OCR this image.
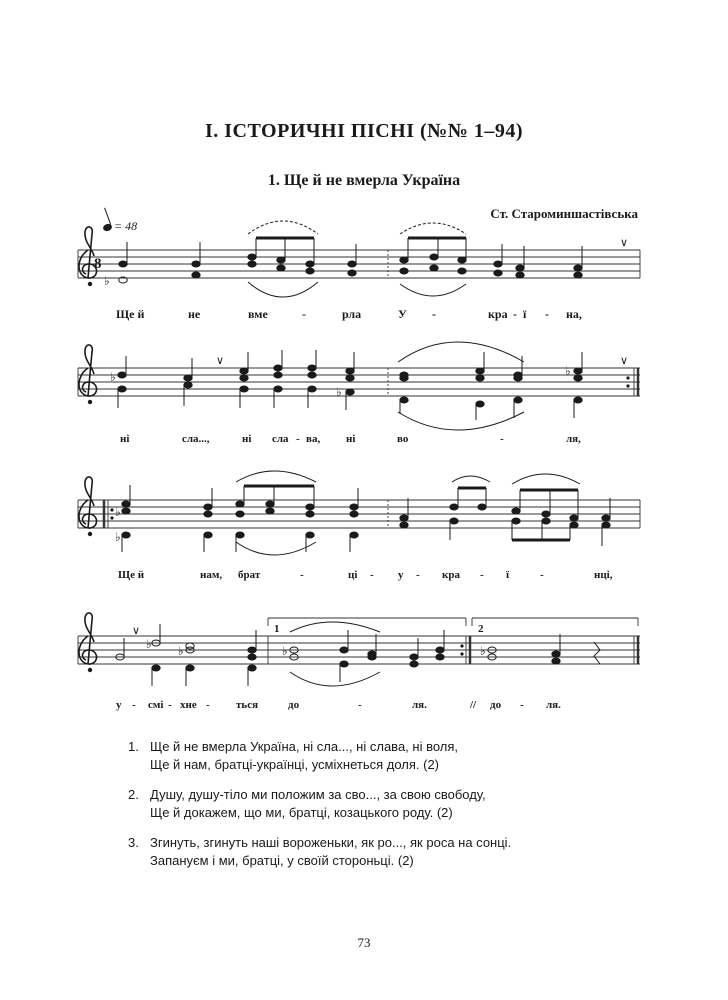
І. ІСТОРИЧНІ ПІСНІ (№№ 1–94)
1. Ще й не вмерла Україна
Ст. Староминшастівська
= 48
8
♭
∨
Ще й	не	вме	-	рла	У -	кра - ї - на,
♭
♭
♭
∨	∨
ні	сла...,	ні сла - ва, ні	во	-	ля,
♭
♭
Ще й	нам, брат	-	ці - у - кра - ї	-	нці,
1	2
♭ ♭	♭	♭
∨
у - смі - хне - ться	до	-	ля.	// до - ля.
1. Ще й не вмерла Україна, ні сла..., ні слава, ні воля,
Ще й нам, братці-українці, усміхнеться доля. (2)
2. Душу, душу-тіло ми положим за сво..., за свою свободу,
Ще й докажем, що ми, братці, козацького роду. (2)
3. Згинуть, згинуть наші вороженьки, як ро..., як роса на сонці.
Запануєм і ми, братці, у своїй стороньці. (2)
73
